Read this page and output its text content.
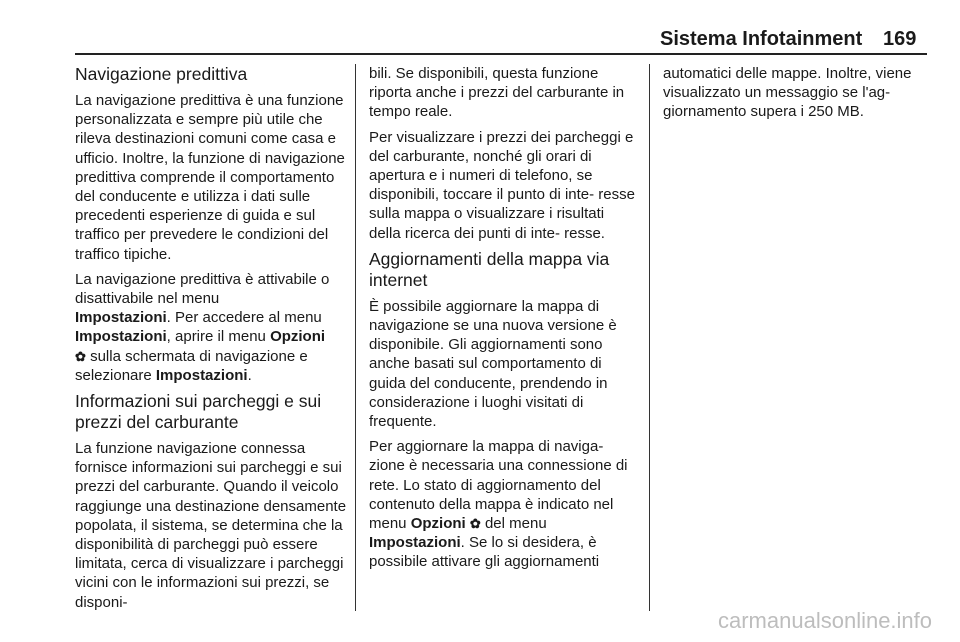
Sistema Infotainment 169
Navigazione predittiva

La navigazione predittiva è una funzione personalizzata e sempre più utile che rileva destinazioni comuni come casa e ufficio. Inoltre, la funzione di navigazione predittiva comprende il comportamento del conducente e utilizza i dati sulle precedenti esperienze di guida e sul traffico per prevedere le condizioni del traffico tipiche.

La navigazione predittiva è attivabile o disattivabile nel menu
Impostazioni. Per accedere al menu
Impostazioni, aprire il menu Opzioni
✿ sulla schermata di navigazione e selezionare Impostazioni.

Informazioni sui parcheggi e sui prezzi del carburante

La funzione navigazione connessa fornisce informazioni sui parcheggi e sui prezzi del carburante. Quando il veicolo raggiunge una destinazione densamente popolata, il sistema, se determina che la disponibilità di parcheggi può essere limitata, cerca di visualizzare i parcheggi vicini con le informazioni sui prezzi, se disponi-

bili. Se disponibili, questa funzione riporta anche i prezzi del carburante in tempo reale.

Per visualizzare i prezzi dei parcheggi e del carburante, nonché gli orari di apertura e i numeri di telefono, se disponibili, toccare il punto di inte- resse sulla mappa o visualizzare i risultati della ricerca dei punti di inte- resse.

Aggiornamenti della mappa via internet

È possibile aggiornare la mappa di navigazione se una nuova versione è disponibile. Gli aggiornamenti sono anche basati sul comportamento di guida del conducente, prendendo in considerazione i luoghi visitati di frequente.

Per aggiornare la mappa di naviga- zione è necessaria una connessione di rete. Lo stato di aggiornamento del contenuto della mappa è indicato nel menu Opzioni ✿ del menu
Impostazioni. Se lo si desidera, è possibile attivare gli aggiornamenti

automatici delle mappe. Inoltre, viene visualizzato un messaggio se l'ag- giornamento supera i 250 MB.

carmanualsonline.info
